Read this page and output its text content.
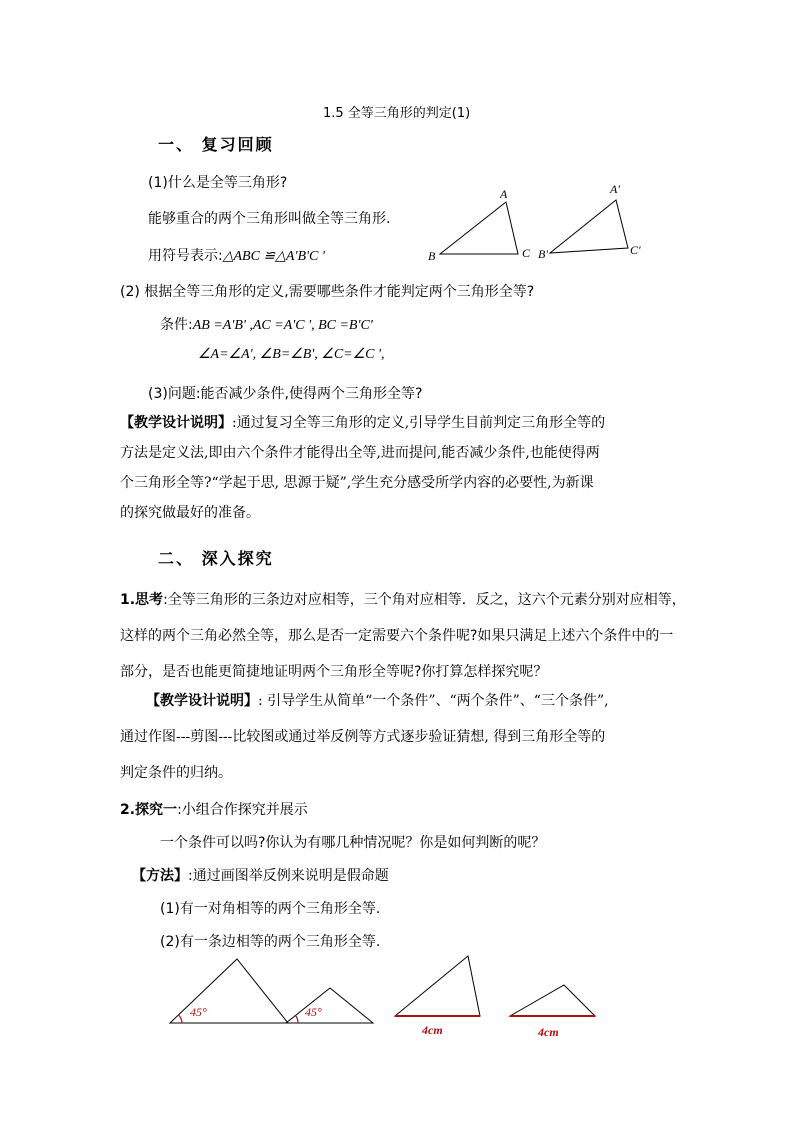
1.5 全等三角形的判定(1)
一、 复习回顾
(1)什么是全等三角形?
能够重合的两个三角形叫做全等三角形.
用符号表示:△ABC ≌△A'B'C '
A
B	C
A'
B'	C'
(2) 根据全等三角形的定义,需要哪些条件才能判定两个三角形全等?
条件:AB =A'B' ,AC =A'C ', BC =B'C'
∠A=∠A', ∠B=∠B', ∠C=∠C ',
(3)问题:能否减少条件,使得两个三角形全等?
【教学设计说明】:通过复习全等三角形的定义,引导学生目前判定三角形全等的
方法是定义法,即由六个条件才能得出全等,进而提问,能否减少条件,也能使得两
个三角形全等?“学起于思, 思源于疑”,学生充分感受所学内容的必要性,为新课
的探究做最好的准备。
二、 深入探究
1.思考:全等三角形的三条边对应相等，三个角对应相等．反之，这六个元素分别对应相等，
这样的两个三角必然全等，那么是否一定需要六个条件呢?如果只满足上述六个条件中的一
部分，是否也能更简捷地证明两个三角形全等呢?你打算怎样探究呢？
【教学设计说明】: 引导学生从简单“一个条件”、“两个条件”、“三个条件”,
通过作图---剪图---比较图或通过举反例等方式逐步验证猜想, 得到三角形全等的
判定条件的归纳。
2.探究一:小组合作探究并展示
一个条件可以吗?你认为有哪几种情况呢？你是如何判断的呢？
【方法】:通过画图举反例来说明是假命题
(1)有一对角相等的两个三角形全等.
(2)有一条边相等的两个三角形全等.
45°	45°
4cm	4cm
